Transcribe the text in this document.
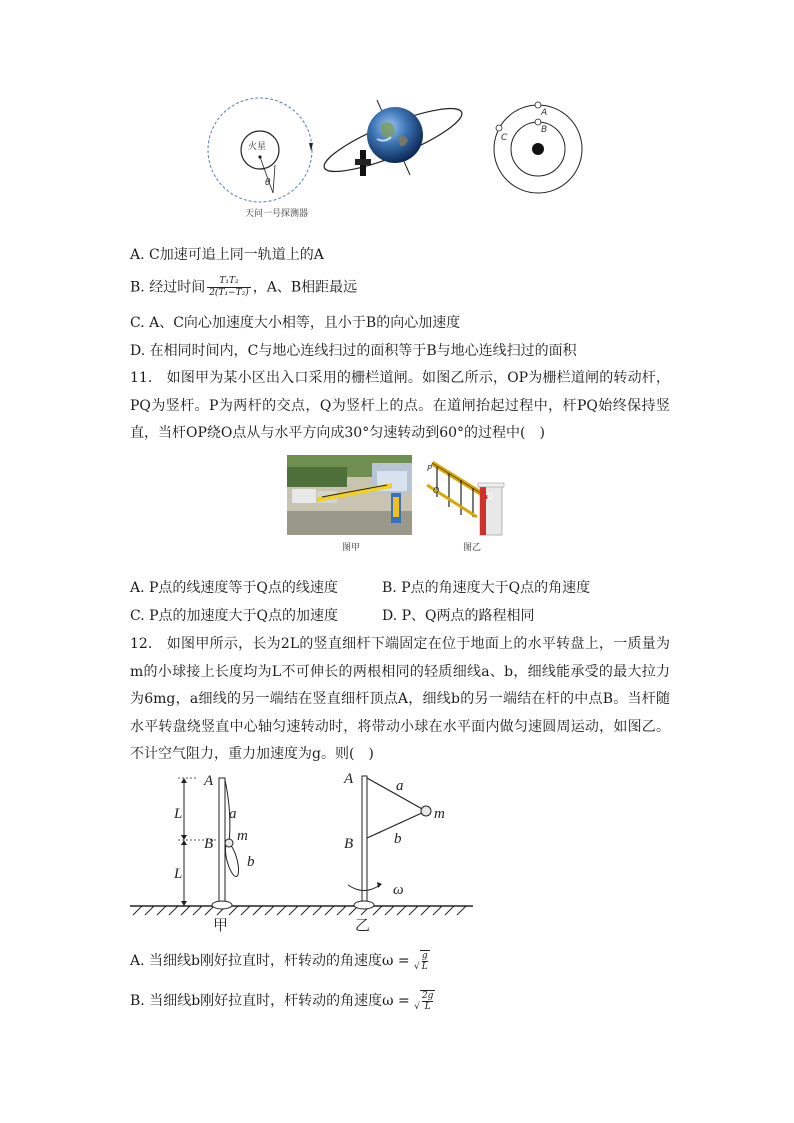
火星
θ
天问一号探测器
A
B
C
A. C加速可追上同一轨道上的A
B. 经过时间 $\frac{\text{T₁T₂}}{\text{2(T₁−T₂)}}$ ，A、B相距最远
C. A、C向心加速度大小相等，且小于B的向心加速度
D. 在相同时间内，C与地心连线扫过的面积等于B与地心连线扫过的面积
11.　如图甲为某小区出入口采用的栅栏道闸。如图乙所示，OP为栅栏道闸的转动杆，PQ为竖杆。P为两杆的交点，Q为竖杆上的点。在道闸抬起过程中，杆PQ始终保持竖直，当杆OP绕O点从与水平方向成30°匀速转动到60°的过程中(　)
图甲
P
Q
O
图乙
A. P点的线速度等于Q点的线速度	B. P点的角速度大于Q点的角速度
C. P点的加速度大于Q点的加速度	D. P、Q两点的路程相同
12.　如图甲所示，长为2L的竖直细杆下端固定在位于地面上的水平转盘上，一质量为m的小球接上长度均为L不可伸长的两根相同的轻质细线a、b，细线能承受的最大拉力为6mg，a细线的另一端结在竖直细杆顶点A，细线b的另一端结在杆的中点B。当杆随水平转盘绕竖直中心轴匀速转动时，将带动小球在水平面内做匀速圆周运动，如图乙。不计空气阻力，重力加速度为g。则(　)
L
L
A
B
a
m
b
甲
A
B
a
b
m
ω
乙
A. 当细线b刚好拉直时，杆转动的角速度ω = √ $\frac{g}{L}$
B. 当细线b刚好拉直时，杆转动的角速度ω = √ $\frac{2g}{L}$
